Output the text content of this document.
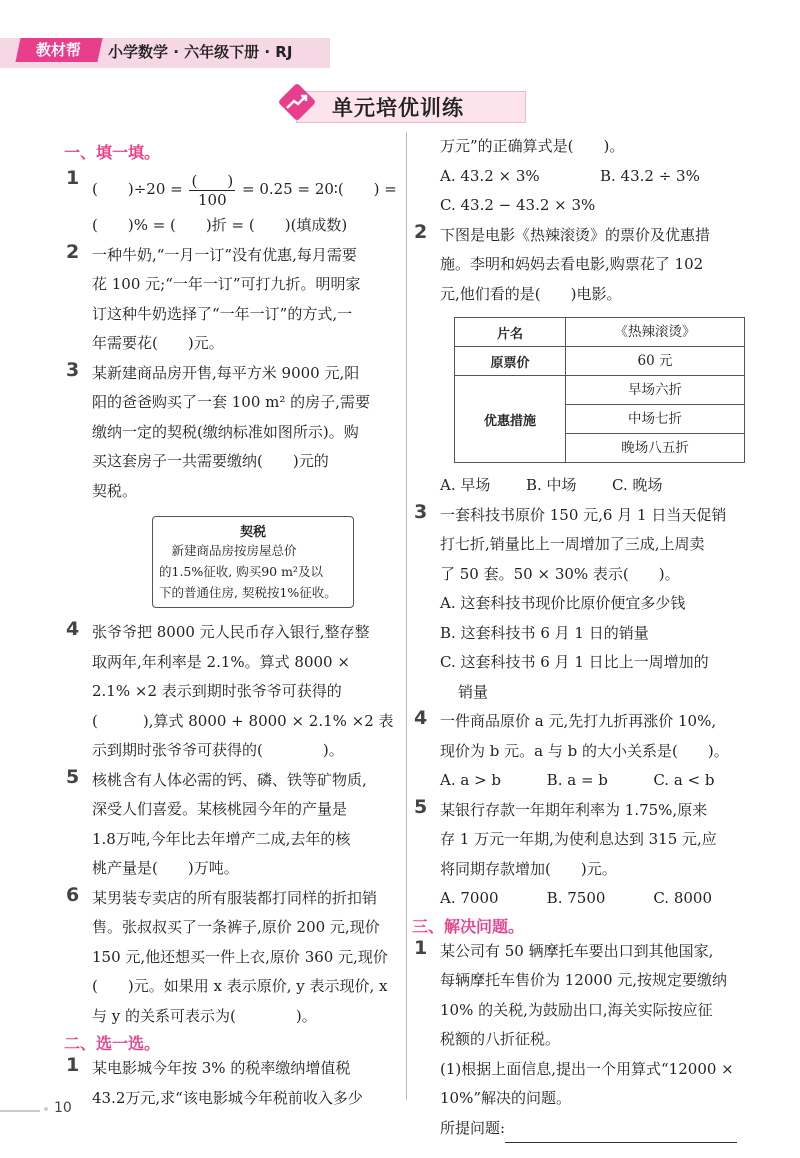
教材帮	小学数学 · 六年级下册 · RJ
单元培优训练
一、填一填。
1 (　　)$\div 20 = \frac{( )}{100} = 0.25$ = 20∶(　　) =
(　　)% = (　　)折 = (　　)(填成数)
2 一种牛奶,“一月一订”没有优惠,每月需要
花 100 元;“一年一订”可打九折。明明家
订这种牛奶选择了“一年一订”的方式,一
年需要花(　　)元。
3 某新建商品房开售,每平方米 9000 元,阳
阳的爸爸购买了一套 100 m² 的房子,需要
缴纳一定的契税(缴纳标准如图所示)。购
买这套房子一共需要缴纳(　　)元的
契税。
契税
　新建商品房按房屋总价
的1.5%征收, 购买90 m²及以
下的普通住房, 契税按1%征收。
4 张爷爷把 8000 元人民币存入银行,整存整
取两年,年利率是 2.1%。算式 8000 ×
2.1% ×2 表示到期时张爷爷可获得的
(　　　),算式 8000 + 8000 × 2.1% ×2 表
示到期时张爷爷可获得的(　　　　)。
5 核桃含有人体必需的钙、磷、铁等矿物质,
深受人们喜爱。某核桃园今年的产量是
1.8万吨,今年比去年增产二成,去年的核
桃产量是(　　)万吨。
6 某男装专卖店的所有服装都打同样的折扣销
售。张叔叔买了一条裤子,原价 200 元,现价
150 元,他还想买一件上衣,原价 360 元,现价
(　　)元。如果用 x 表示原价, y 表示现价, x
与 y 的关系可表示为(　　　　)。
二、选一选。
1 某电影城今年按 3% 的税率缴纳增值税
43.2万元,求“该电影城今年税前收入多少
万元”的正确算式是(　　)。
A. 43.2 × 3%	B. 43.2 ÷ 3%
C. 43.2 − 43.2 × 3%
2 下图是电影《热辣滚烫》的票价及优惠措
施。李明和妈妈去看电影,购票花了 102
元,他们看的是(　　)电影。
片名	《热辣滚烫》
原票价	60 元
优惠措施	早场六折
	中场七折
	晚场八五折
A. 早场	B. 中场	C. 晚场
3 一套科技书原价 150 元,6 月 1 日当天促销
打七折,销量比上一周增加了三成,上周卖
了 50 套。50 × 30% 表示(　　)。
A. 这套科技书现价比原价便宜多少钱
B. 这套科技书 6 月 1 日的销量
C. 这套科技书 6 月 1 日比上一周增加的
销量
4 一件商品原价 a 元,先打九折再涨价 10%,
现价为 b 元。a 与 b 的大小关系是(　　)。
A. a > b	B. a = b	C. a < b
5 某银行存款一年期年利率为 1.75%,原来
存 1 万元一年期,为使利息达到 315 元,应
将同期存款增加(　　)元。
A. 7000	B. 7500	C. 8000
三、解决问题。
1 某公司有 50 辆摩托车要出口到其他国家,
每辆摩托车售价为 12000 元,按规定要缴纳
10% 的关税,为鼓励出口,海关实际按应征
税额的八折征税。
(1)根据上面信息,提出一个用算式“12000 ×
10%”解决的问题。
所提问题:
10
